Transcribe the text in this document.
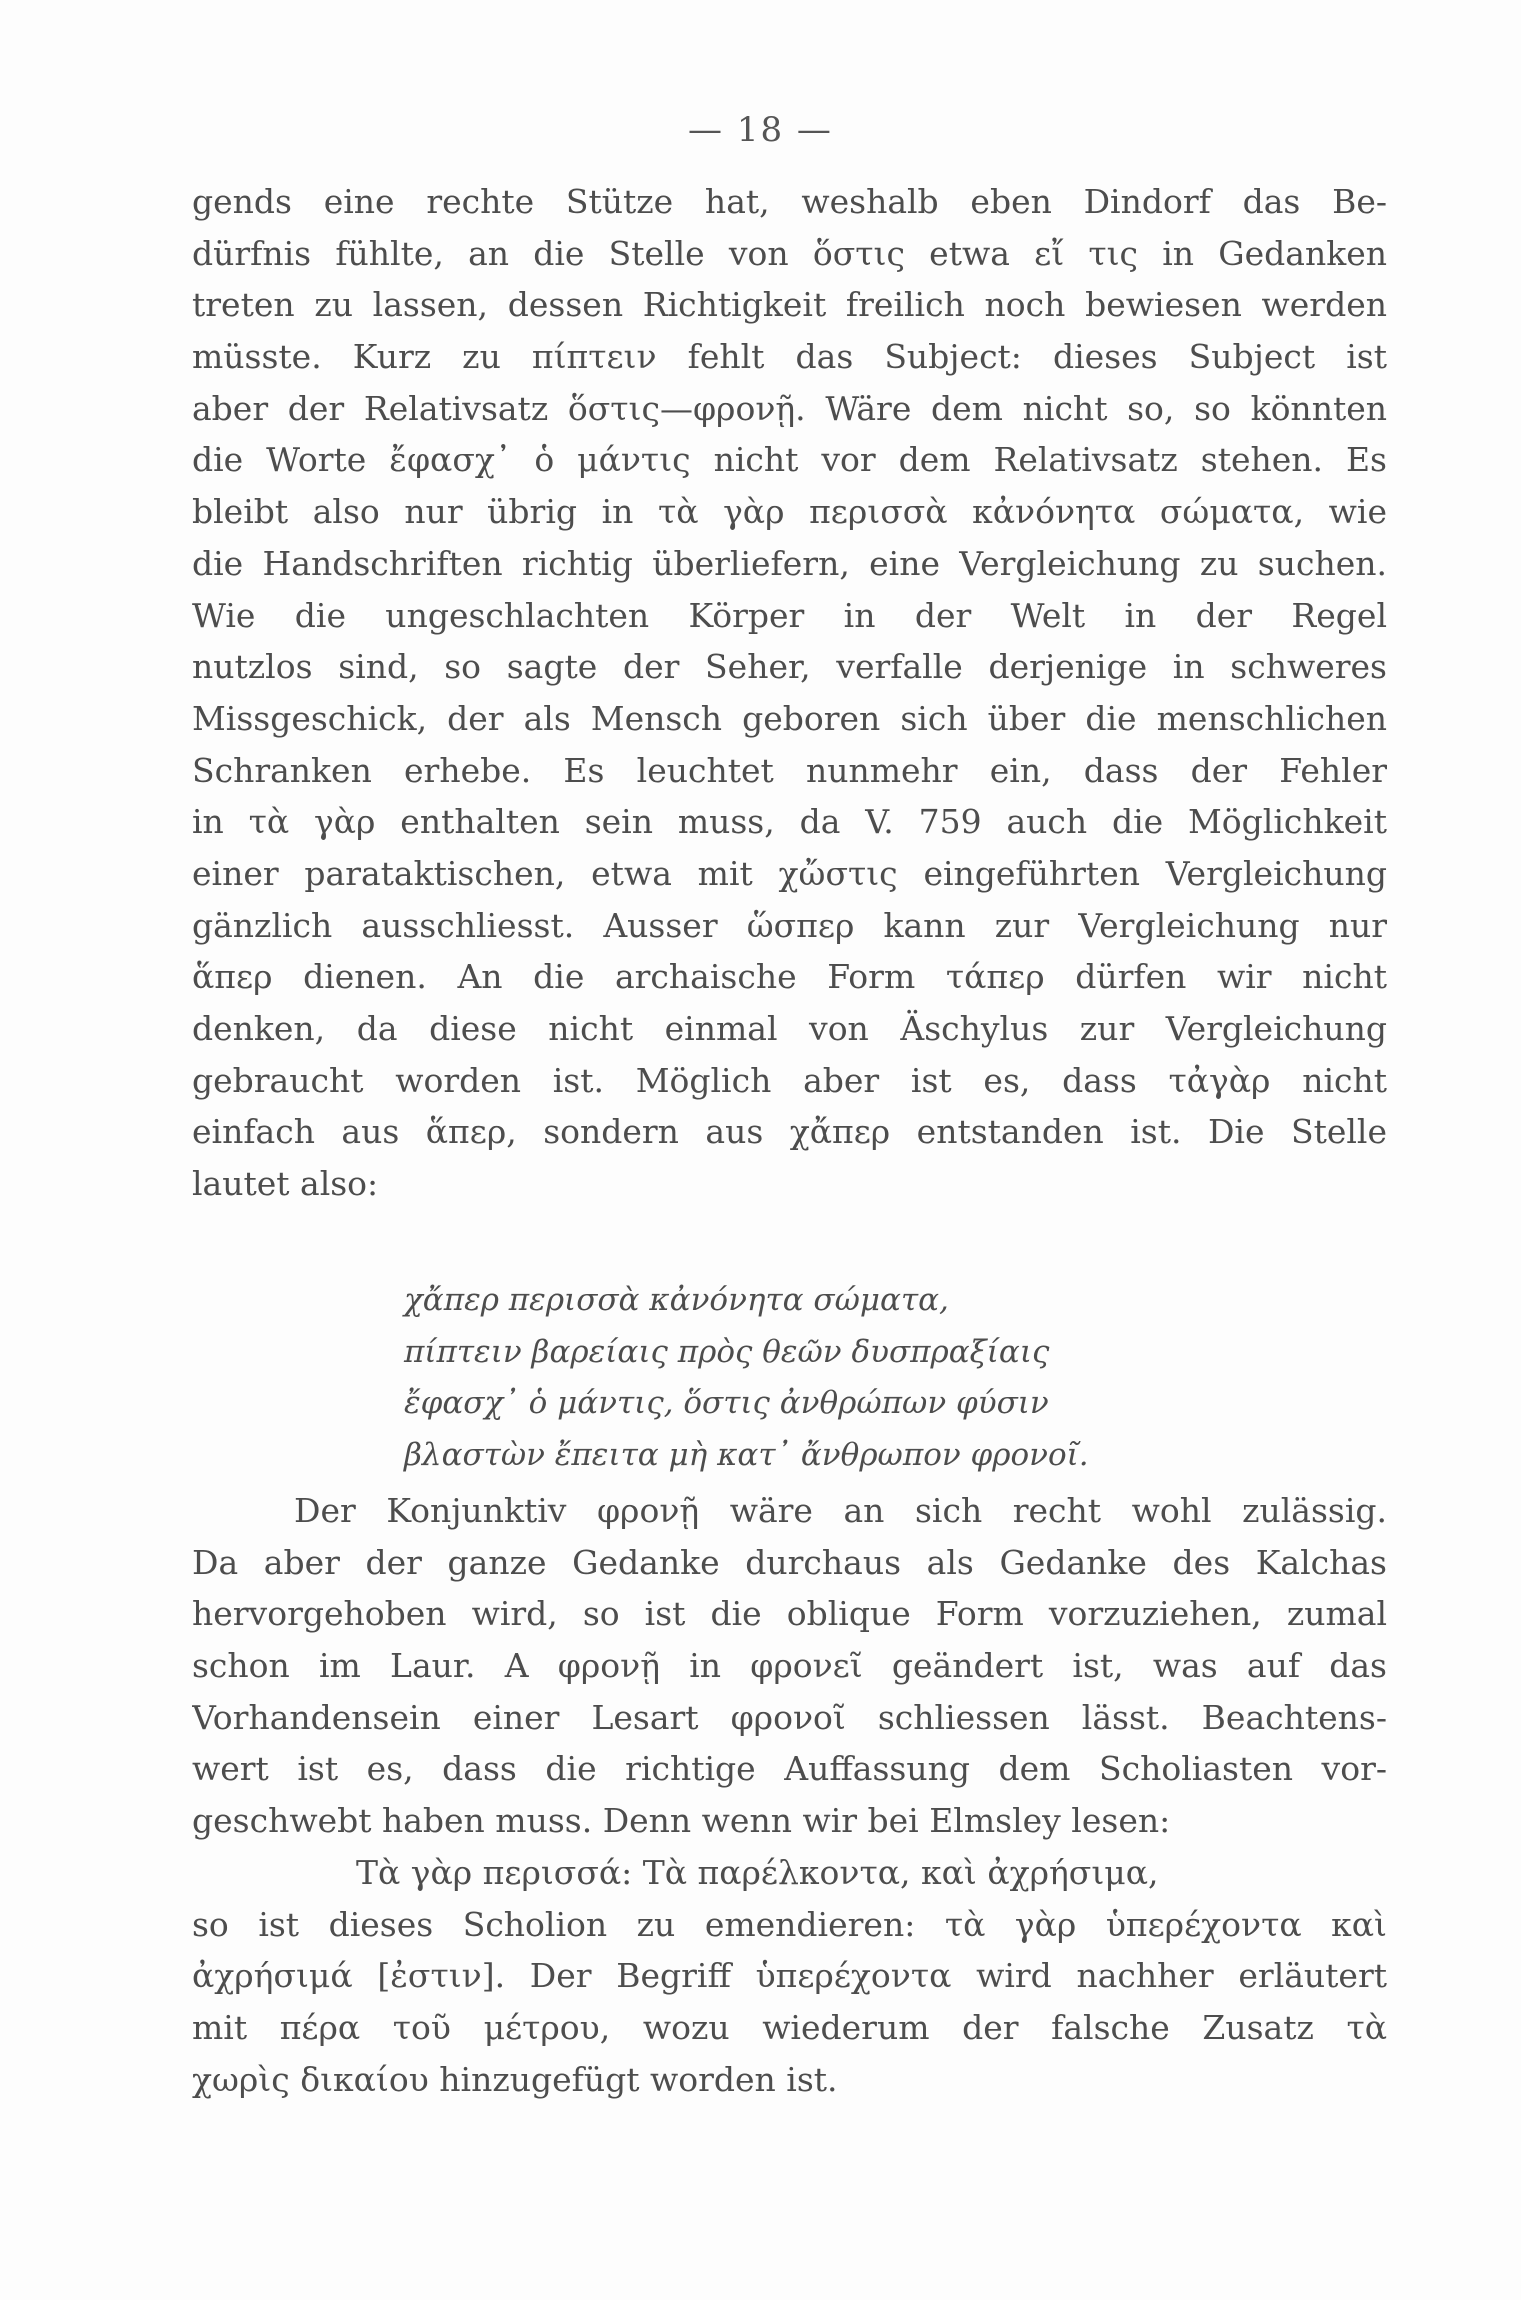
— 18 —
gends eine rechte Stütze hat, weshalb eben Dindorf das Be-
dürfnis fühlte, an die Stelle von ὅστις etwa εἴ τις in Gedanken
treten zu lassen, dessen Richtigkeit freilich noch bewiesen werden
müsste. Kurz zu πίπτειν fehlt das Subject: dieses Subject ist
aber der Relativsatz ὅστις—φρονῇ. Wäre dem nicht so, so könnten
die Worte ἔφασχ᾽ ὁ μάντις nicht vor dem Relativsatz stehen. Es
bleibt also nur übrig in τὰ γὰρ περισσὰ κἀνόνητα σώματα, wie
die Handschriften richtig überliefern, eine Vergleichung zu suchen.
Wie die ungeschlachten Körper in der Welt in der Regel
nutzlos sind, so sagte der Seher, verfalle derjenige in schweres
Missgeschick, der als Mensch geboren sich über die menschlichen
Schranken erhebe. Es leuchtet nunmehr ein, dass der Fehler
in τὰ γὰρ enthalten sein muss, da V. 759 auch die Möglichkeit
einer parataktischen, etwa mit χὤστις eingeführten Vergleichung
gänzlich ausschliesst. Ausser ὥσπερ kann zur Vergleichung nur
ἅπερ dienen. An die archaische Form τάπερ dürfen wir nicht
denken, da diese nicht einmal von Äschylus zur Vergleichung
gebraucht worden ist. Möglich aber ist es, dass τἀγὰρ nicht
einfach aus ἅπερ, sondern aus χἄπερ entstanden ist. Die Stelle
lautet also:
χἄπερ περισσὰ κἀνόνητα σώματα,
πίπτειν βαρείαις πρὸς θεῶν δυσπραξίαις
ἔφασχ᾽ ὁ μάντις, ὅστις ἀνθρώπων φύσιν
βλαστὼν ἔπειτα μὴ κατ᾽ ἄνθρωπον φρονοῖ.
Der Konjunktiv φρονῇ wäre an sich recht wohl zulässig.
Da aber der ganze Gedanke durchaus als Gedanke des Kalchas
hervorgehoben wird, so ist die oblique Form vorzuziehen, zumal
schon im Laur. A φρονῇ in φρονεῖ geändert ist, was auf das
Vorhandensein einer Lesart φρονοῖ schliessen lässt. Beachtens-
wert ist es, dass die richtige Auffassung dem Scholiasten vor-
geschwebt haben muss. Denn wenn wir bei Elmsley lesen:
Τὰ γὰρ περισσά: Τὰ παρέλκοντα, καὶ ἀχρήσιμα,
so ist dieses Scholion zu emendieren: τὰ γὰρ ὑπερέχοντα καὶ
ἀχρήσιμά [ἐστιν]. Der Begriff ὑπερέχοντα wird nachher erläutert
mit πέρα τοῦ μέτρου, wozu wiederum der falsche Zusatz τὰ
χωρὶς δικαίου hinzugefügt worden ist.
